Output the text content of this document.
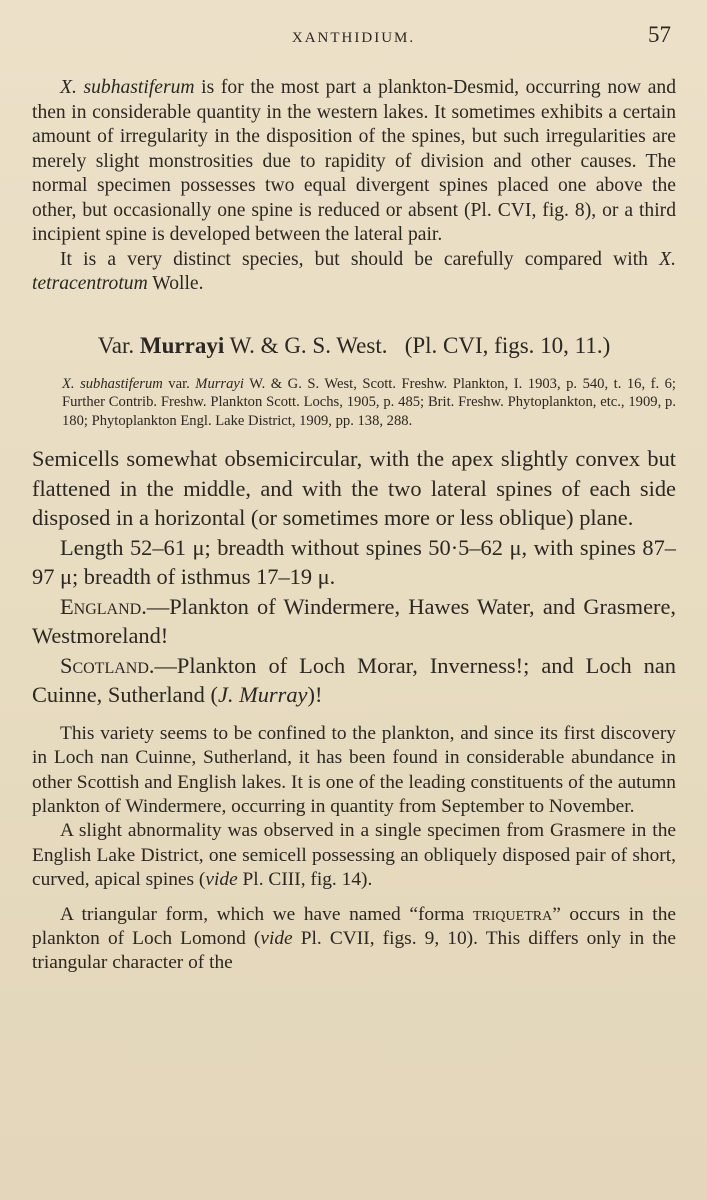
XANTHIDIUM.	57

X. subhastiferum is for the most part a plankton-Desmid, occurring now and then in considerable quantity in the western lakes. It sometimes exhibits a certain amount of irregularity in the disposition of the spines, but such irregularities are merely slight monstrosities due to rapidity of division and other causes. The normal specimen possesses two equal divergent spines placed one above the other, but occasionally one spine is reduced or absent (Pl. CVI, fig. 8), or a third incipient spine is developed between the lateral pair.

It is a very distinct species, but should be carefully compared with X. tetracentrotum Wolle.

Var. Murrayi W. & G. S. West. (Pl. CVI, figs. 10, 11.)

X. subhastiferum var. Murrayi W. & G. S. West, Scott. Freshw. Plankton, I. 1903, p. 540, t. 16, f. 6; Further Contrib. Freshw. Plankton Scott. Lochs, 1905, p. 485; Brit. Freshw. Phytoplankton, etc., 1909, p. 180; Phytoplankton Engl. Lake District, 1909, pp. 138, 288.

Semicells somewhat obsemicircular, with the apex slightly convex but flattened in the middle, and with the two lateral spines of each side disposed in a horizontal (or sometimes more or less oblique) plane.

Length 52–61 μ; breadth without spines 50·5–62 μ, with spines 87–97 μ; breadth of isthmus 17–19 μ.

England.—Plankton of Windermere, Hawes Water, and Grasmere, Westmoreland!

Scotland.—Plankton of Loch Morar, Inverness!; and Loch nan Cuinne, Sutherland (J. Murray)!

This variety seems to be confined to the plankton, and since its first discovery in Loch nan Cuinne, Sutherland, it has been found in considerable abundance in other Scottish and English lakes. It is one of the leading constituents of the autumn plankton of Windermere, occurring in quantity from September to November.

A slight abnormality was observed in a single specimen from Grasmere in the English Lake District, one semicell possessing an obliquely disposed pair of short, curved, apical spines (vide Pl. CIII, fig. 14).

A triangular form, which we have named “forma triquetra” occurs in the plankton of Loch Lomond (vide Pl. CVII, figs. 9, 10). This differs only in the triangular character of the
